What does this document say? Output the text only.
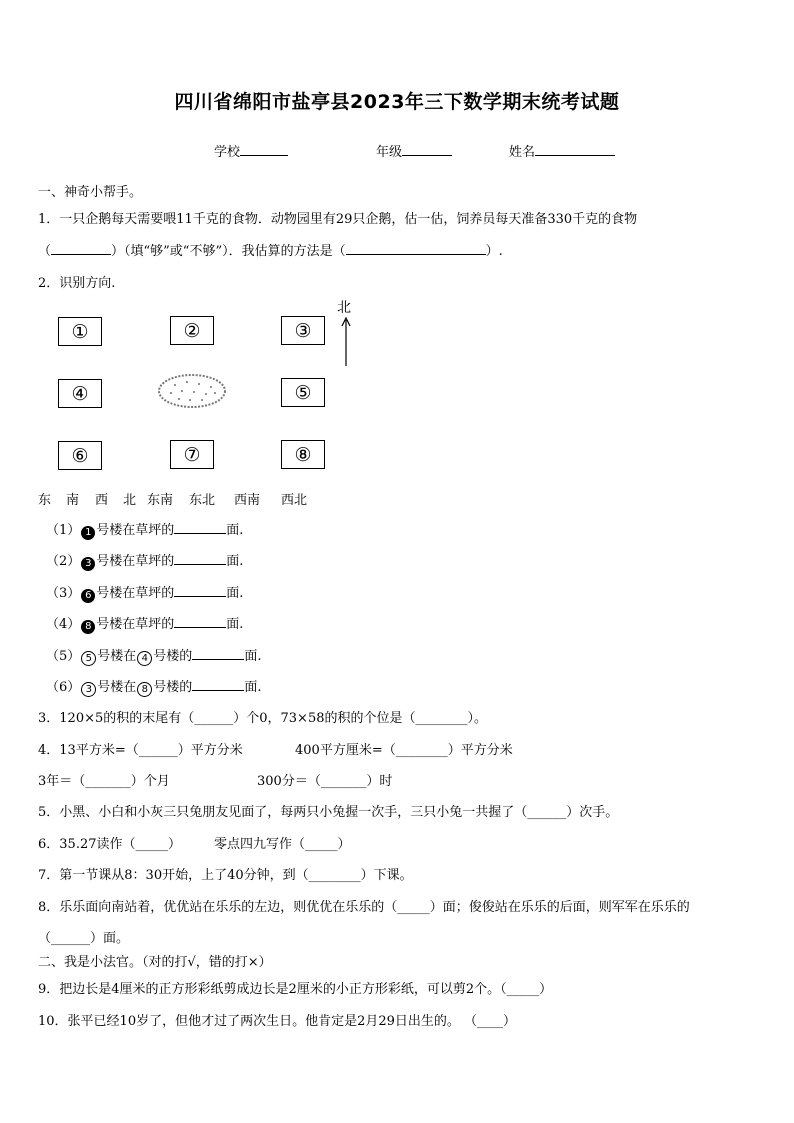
四川省绵阳市盐亭县2023年三下数学期末统考试题
学校	年级	姓名
一、神奇小帮手。
1．一只企鹅每天需要喂11千克的食物．动物园里有29只企鹅，估一估，饲养员每天准备330千克的食物
（	）（填“够”或“不够”）．我估算的方法是（	）.
2．识别方向.
北
①	②	③
④	⑤
⑥	⑦	⑧
东 南 西 北 东南 东北 西南 西北
（1） 1 号楼在草坪的	面.
（2） 3 号楼在草坪的	面.
（3） 6 号楼在草坪的	面.
（4） 8 号楼在草坪的	面.
（5） 5 号楼在 4 号楼的	面.
（6） 3 号楼在 8 号楼的	面.
3．120×5的积的末尾有（______）个0，73×58的积的个位是（________）。
4．13平方米=（______）平方分米	400平方厘米=（________）平方分米
3年＝（_______）个月	300分＝（_______）时
5．小黑、小白和小灰三只兔朋友见面了，每两只小兔握一次手，三只小兔一共握了（______）次手。
6．35.27读作（_____）	零点四九写作（_____）
7．第一节课从8：30开始，上了40分钟，到（________）下课。
8．乐乐面向南站着，优优站在乐乐的左边，则优优在乐乐的（_____）面；俊俊站在乐乐的后面，则军军在乐乐的
（______）面。
二、我是小法官。（对的打√，错的打×）
9．把边长是4厘米的正方形彩纸剪成边长是2厘米的小正方形彩纸，可以剪2个。（_____）
10．张平已经10岁了，但他才过了两次生日。他肯定是2月29日出生的。 （____）
